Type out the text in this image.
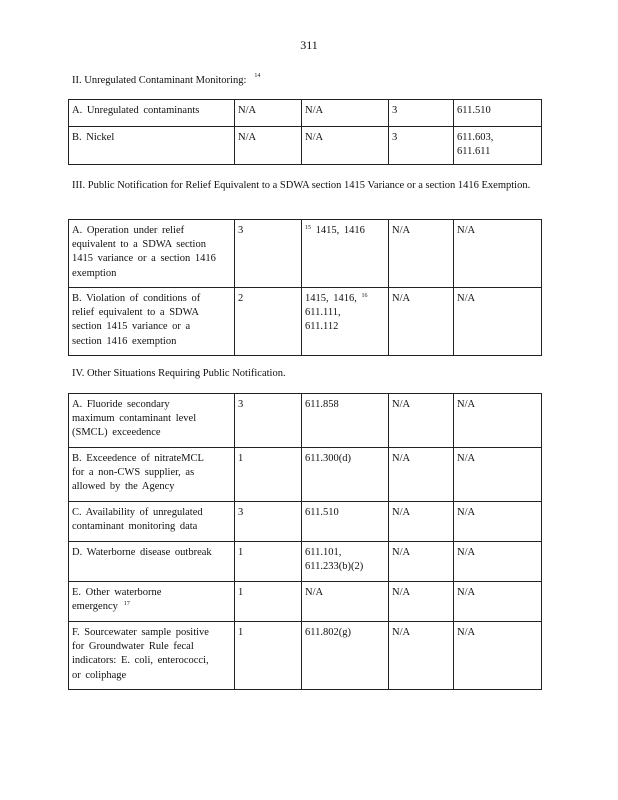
311
II. Unregulated Contaminant Monitoring: $^{14}$
A. Unregulated contaminants	N/A	N/A	3	611.510
B. Nickel	N/A	N/A	3	611.603,
611.611
III. Public Notification for Relief Equivalent to a SDWA section 1415 Variance or a section 1416 Exemption.
A. Operation under relief
equivalent to a SDWA section
1415 variance or a section 1416
exemption	3	$^{15}$ 1415, 1416	N/A	N/A
B. Violation of conditions of
relief equivalent to a SDWA
section 1415 variance or a
section 1416 exemption	2	1415, 1416, $^{16}$
611.111,
611.112	N/A	N/A
IV. Other Situations Requiring Public Notification.
A. Fluoride secondary
maximum contaminant level
(SMCL) exceedence	3	611.858	N/A	N/A
B. Exceedence of nitrateMCL
for a non-CWS supplier, as
allowed by the Agency	1	611.300(d)	N/A	N/A
C. Availability of unregulated
contaminant monitoring data	3	611.510	N/A	N/A
D. Waterborne disease outbreak	1	611.101,
611.233(b)(2)	N/A	N/A
E. Other waterborne
emergency $^{17}$	1	N/A	N/A	N/A
F. Sourcewater sample positive
for Groundwater Rule fecal
indicators: E. coli, enterococci,
or coliphage	1	611.802(g)	N/A	N/A
